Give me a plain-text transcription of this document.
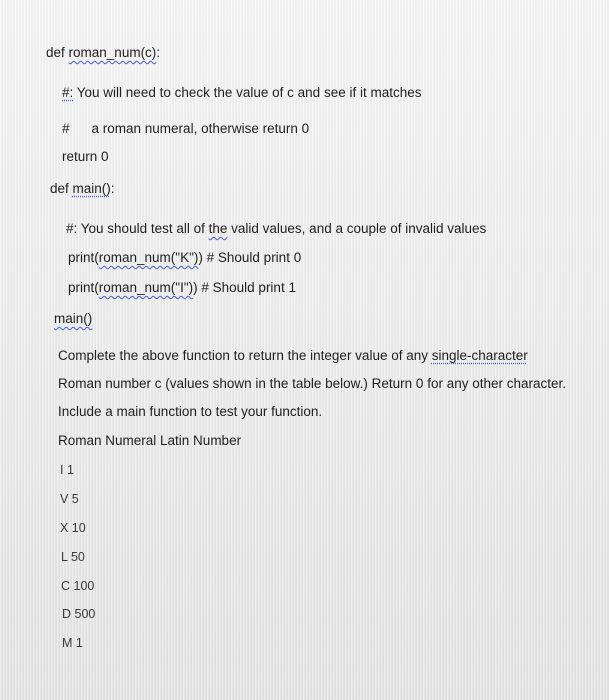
def roman_num(c):
#: You will need to check the value of c and see if it matches
# a roman numeral, otherwise return 0
return 0
def main():
#: You should test all of the valid values, and a couple of invalid values
print(roman_num("K")) # Should print 0
print(roman_num("I")) # Should print 1
main()
Complete the above function to return the integer value of any single-character
Roman number c (values shown in the table below.) Return 0 for any other character.
Include a main function to test your function.
Roman Numeral Latin Number
I 1
V 5
X 10
L 50
C 100
D 500
M 1
